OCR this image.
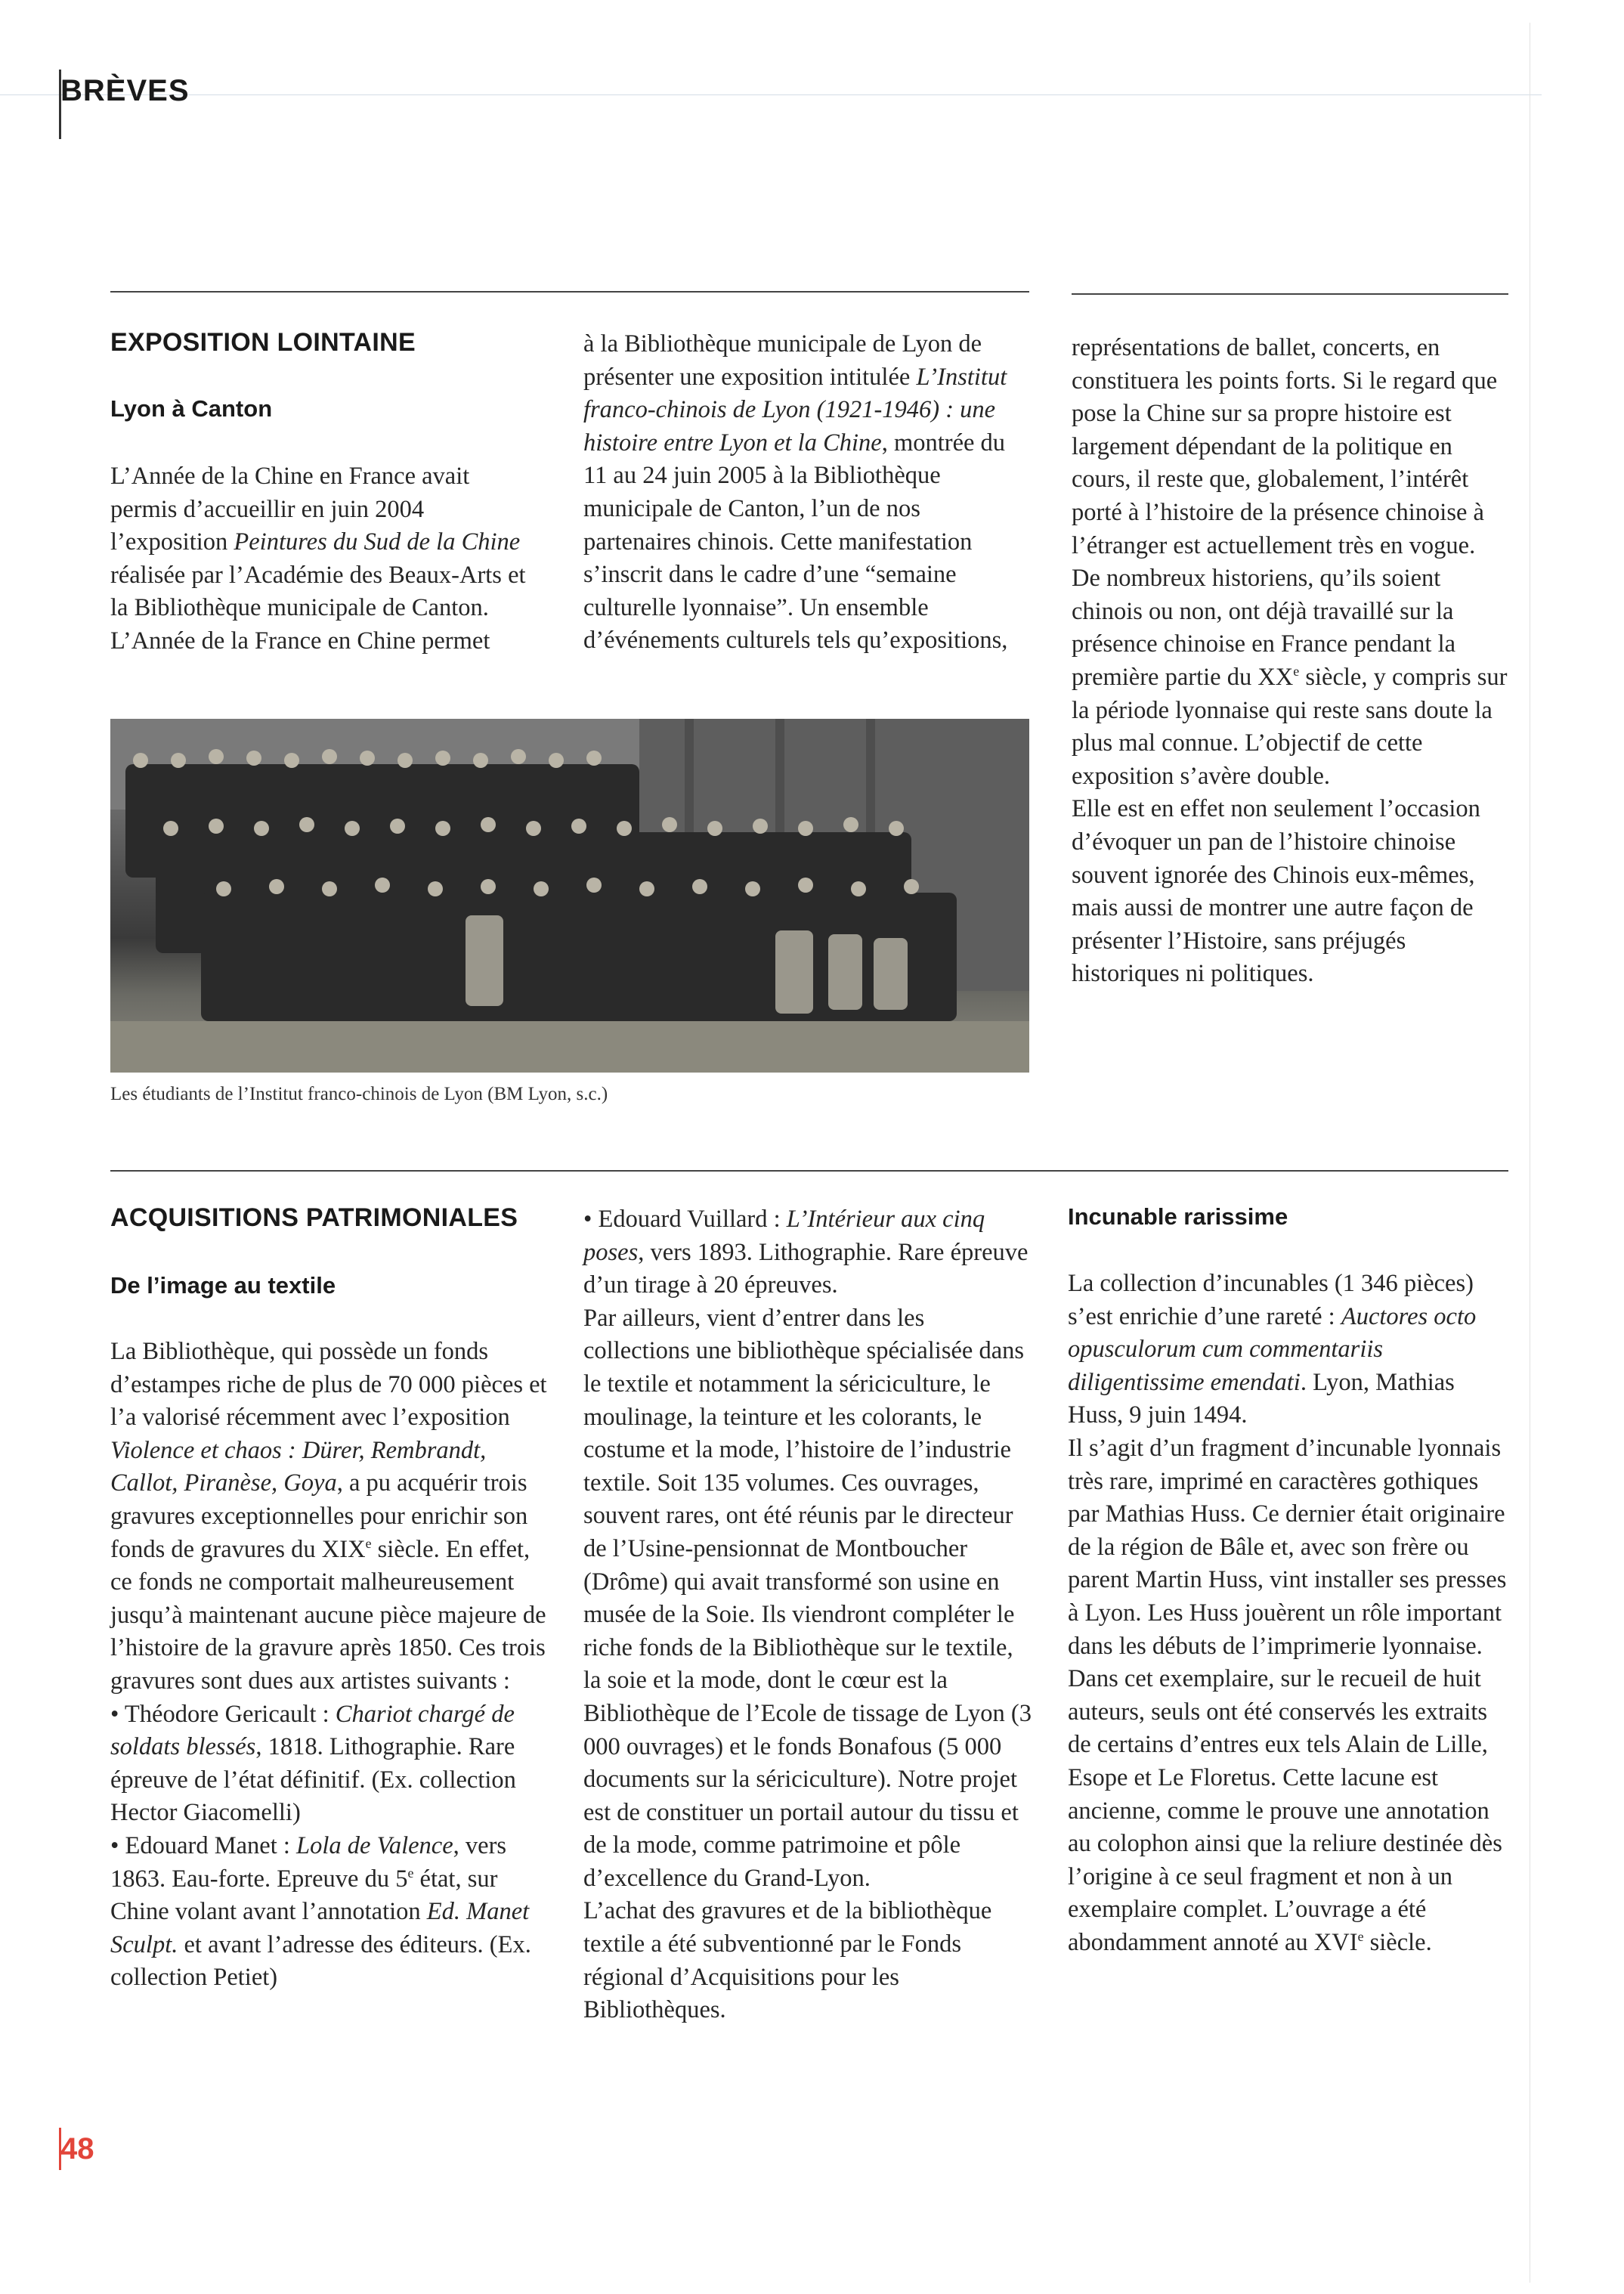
BRÈVES
EXPOSITION LOINTAINE
Lyon à Canton

L’Année de la Chine en France avait permis d’accueillir en juin 2004 l’exposition Peintures du Sud de la Chine réalisée par l’Académie des Beaux-Arts et la Bibliothèque municipale de Canton. L’Année de la France en Chine permet

à la Bibliothèque municipale de Lyon de présenter une exposition intitulée L’Institut franco-chinois de Lyon (1921-1946) : une histoire entre Lyon et la Chine, montrée du 11 au 24 juin 2005 à la Bibliothèque municipale de Canton, l’un de nos partenaires chinois. Cette manifestation s’inscrit dans le cadre d’une “semaine culturelle lyonnaise”. Un ensemble d’événements culturels tels qu’expositions,

représentations de ballet, concerts, en constituera les points forts. Si le regard que pose la Chine sur sa propre histoire est largement dépendant de la politique en cours, il reste que, globalement, l’intérêt porté à l’histoire de la présence chinoise à l’étranger est actuellement très en vogue.
De nombreux historiens, qu’ils soient chinois ou non, ont déjà travaillé sur la présence chinoise en France pendant la première partie du XXe siècle, y compris sur la période lyonnaise qui reste sans doute la plus mal connue. L’objectif de cette exposition s’avère double.
Elle est en effet non seulement l’occasion d’évoquer un pan de l’histoire chinoise souvent ignorée des Chinois eux-mêmes, mais aussi de montrer une autre façon de présenter l’Histoire, sans préjugés historiques ni politiques.

Les étudiants de l’Institut franco-chinois de Lyon (BM Lyon, s.c.)
ACQUISITIONS PATRIMONIALES
De l’image au textile

La Bibliothèque, qui possède un fonds d’estampes riche de plus de 70 000 pièces et l’a valorisé récemment avec l’exposition Violence et chaos : Dürer, Rembrandt, Callot, Piranèse, Goya, a pu acquérir trois gravures exceptionnelles pour enrichir son fonds de gravures du XIXe siècle. En effet, ce fonds ne comportait malheureusement jusqu’à maintenant aucune pièce majeure de l’histoire de la gravure après 1850. Ces trois gravures sont dues aux artistes suivants :
• Théodore Gericault : Chariot chargé de soldats blessés, 1818. Lithographie. Rare épreuve de l’état définitif. (Ex. collection Hector Giacomelli)
• Edouard Manet : Lola de Valence, vers 1863. Eau-forte. Epreuve du 5e état, sur Chine volant avant l’annotation Ed. Manet Sculpt. et avant l’adresse des éditeurs. (Ex. collection Petiet)

• Edouard Vuillard : L’Intérieur aux cinq poses, vers 1893. Lithographie. Rare épreuve d’un tirage à 20 épreuves.
Par ailleurs, vient d’entrer dans les collections une bibliothèque spécialisée dans le textile et notamment la sériciculture, le moulinage, la teinture et les colorants, le costume et la mode, l’histoire de l’industrie textile. Soit 135 volumes. Ces ouvrages, souvent rares, ont été réunis par le directeur de l’Usine-pensionnat de Montboucher (Drôme) qui avait transformé son usine en musée de la Soie. Ils viendront compléter le riche fonds de la Bibliothèque sur le textile, la soie et la mode, dont le cœur est la Bibliothèque de l’Ecole de tissage de Lyon (3 000 ouvrages) et le fonds Bonafous (5 000 documents sur la sériciculture). Notre projet est de constituer un portail autour du tissu et de la mode, comme patrimoine et pôle d’excellence du Grand-Lyon.
L’achat des gravures et de la bibliothèque textile a été subventionné par le Fonds régional d’Acquisitions pour les Bibliothèques.

Incunable rarissime

La collection d’incunables (1 346 pièces) s’est enrichie d’une rareté : Auctores octo opusculorum cum commentariis diligentissime emendati. Lyon, Mathias Huss, 9 juin 1494.
Il s’agit d’un fragment d’incunable lyonnais très rare, imprimé en caractères gothiques par Mathias Huss. Ce dernier était originaire de la région de Bâle et, avec son frère ou parent Martin Huss, vint installer ses presses à Lyon. Les Huss jouèrent un rôle important dans les débuts de l’imprimerie lyonnaise.
Dans cet exemplaire, sur le recueil de huit auteurs, seuls ont été conservés les extraits de certains d’entres eux tels Alain de Lille, Esope et Le Floretus. Cette lacune est ancienne, comme le prouve une annotation au colophon ainsi que la reliure destinée dès l’origine à ce seul fragment et non à un exemplaire complet. L’ouvrage a été abondamment annoté au XVIe siècle.

48
